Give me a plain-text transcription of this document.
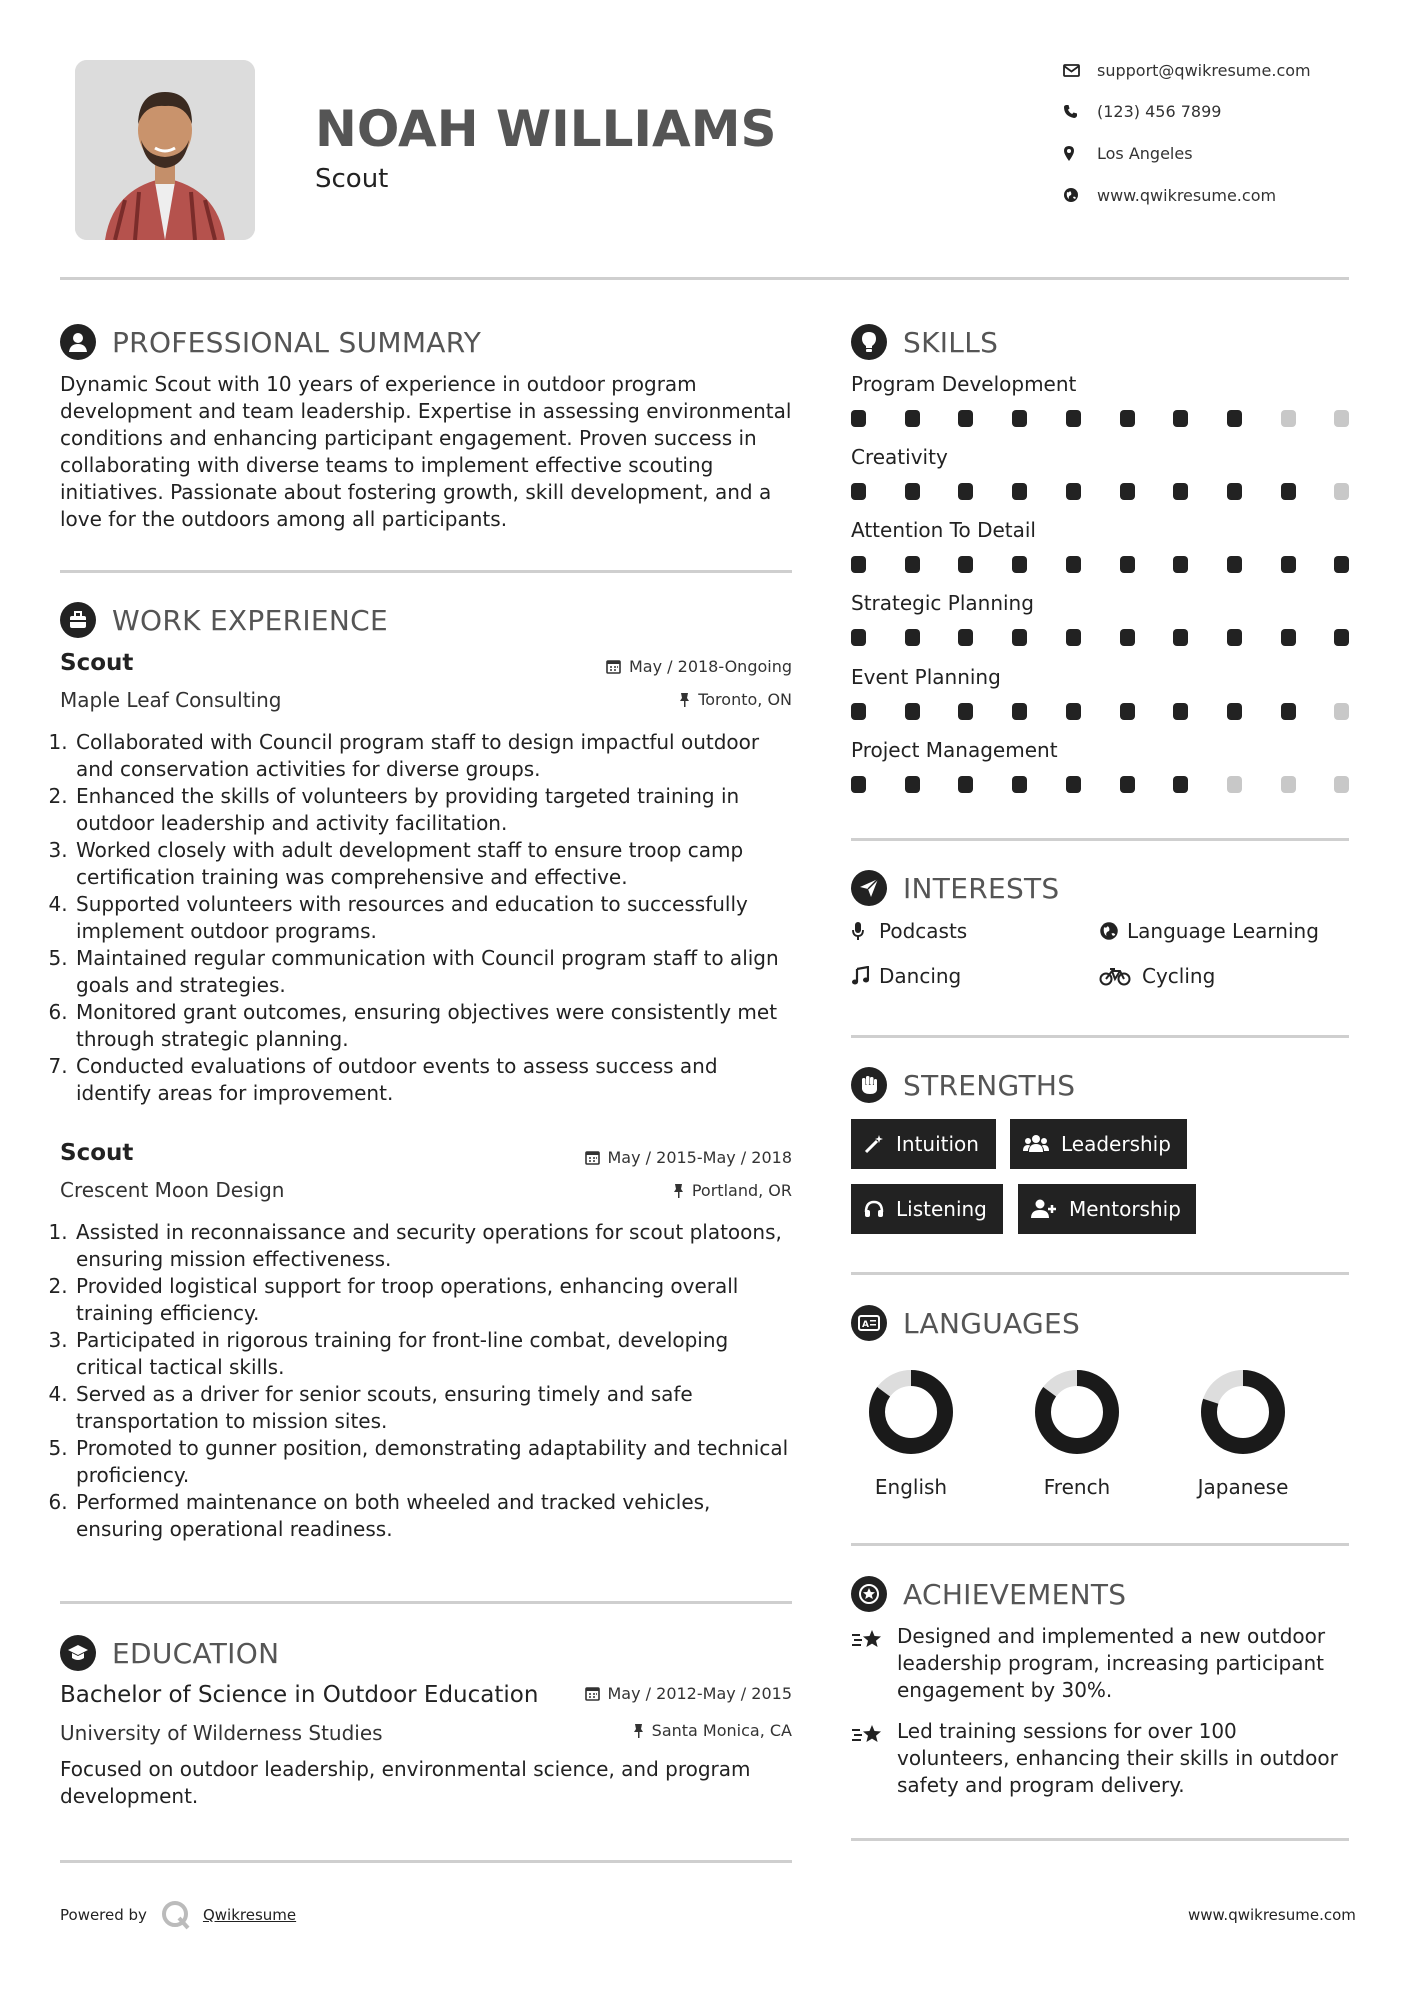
NOAH WILLIAMS
Scout
support@qwikresume.com
(123) 456 7899
Los Angeles
www.qwikresume.com
PROFESSIONAL SUMMARY
Dynamic Scout with 10 years of experience in outdoor program development and team leadership. Expertise in assessing environmental conditions and enhancing participant engagement. Proven success in collaborating with diverse teams to implement effective scouting initiatives. Passionate about fostering growth, skill development, and a love for the outdoors among all participants.
WORK EXPERIENCE
Scout	May / 2018-Ongoing
Maple Leaf Consulting	Toronto, ON
1. Collaborated with Council program staff to design impactful outdoor and conservation activities for diverse groups.
2. Enhanced the skills of volunteers by providing targeted training in outdoor leadership and activity facilitation.
3. Worked closely with adult development staff to ensure troop camp certification training was comprehensive and effective.
4. Supported volunteers with resources and education to successfully implement outdoor programs.
5. Maintained regular communication with Council program staff to align goals and strategies.
6. Monitored grant outcomes, ensuring objectives were consistently met through strategic planning.
7. Conducted evaluations of outdoor events to assess success and identify areas for improvement.
Scout	May / 2015-May / 2018
Crescent Moon Design	Portland, OR
1. Assisted in reconnaissance and security operations for scout platoons, ensuring mission effectiveness.
2. Provided logistical support for troop operations, enhancing overall training efficiency.
3. Participated in rigorous training for front-line combat, developing critical tactical skills.
4. Served as a driver for senior scouts, ensuring timely and safe transportation to mission sites.
5. Promoted to gunner position, demonstrating adaptability and technical proficiency.
6. Performed maintenance on both wheeled and tracked vehicles, ensuring operational readiness.
EDUCATION
Bachelor of Science in Outdoor Education	May / 2012-May / 2015
University of Wilderness Studies	Santa Monica, CA
Focused on outdoor leadership, environmental science, and program development.
SKILLS
Program Development
Creativity
Attention To Detail
Strategic Planning
Event Planning
Project Management
INTERESTS
Podcasts	Language Learning
Dancing	Cycling
STRENGTHS
Intuition	Leadership
Listening	Mentorship
A LANGUAGES
English	French	Japanese
ACHIEVEMENTS
Designed and implemented a new outdoor leadership program, increasing participant engagement by 30%.
Led training sessions for over 100 volunteers, enhancing their skills in outdoor safety and program delivery.
Powered by	Qwikresume	www.qwikresume.com
